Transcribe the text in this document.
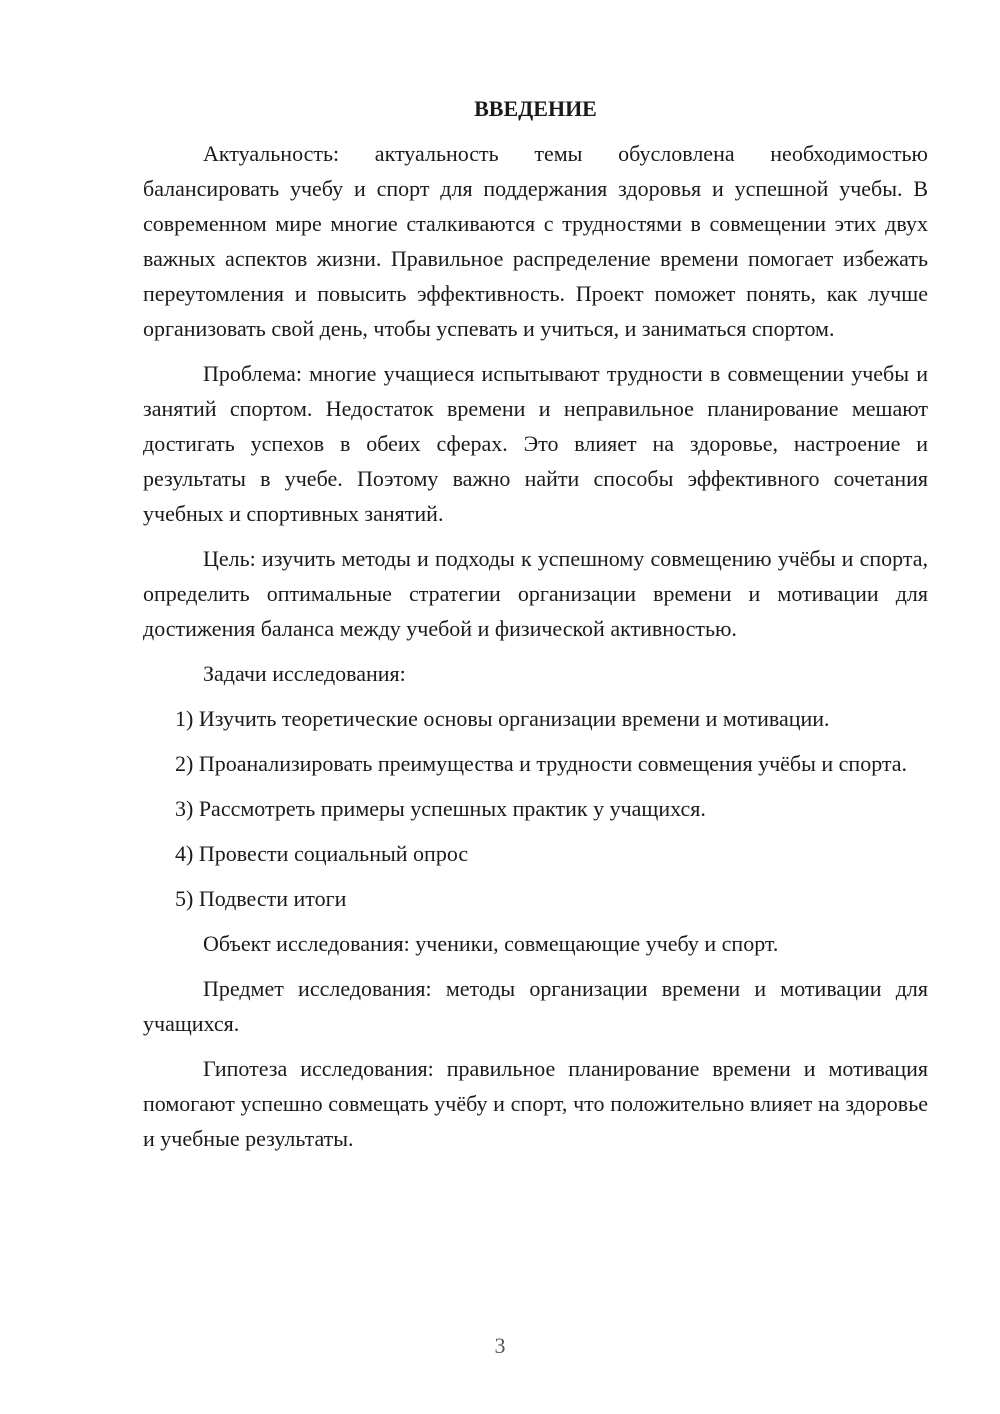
ВВЕДЕНИЕ

Актуальность: актуальность темы обусловлена необходимостью балансировать учебу и спорт для поддержания здоровья и успешной учебы. В современном мире многие сталкиваются с трудностями в совмещении этих двух важных аспектов жизни. Правильное распределение времени помогает избежать переутомления и повысить эффективность. Проект поможет понять, как лучше организовать свой день, чтобы успевать и учиться, и заниматься спортом.

Проблема: многие учащиеся испытывают трудности в совмещении учебы и занятий спортом. Недостаток времени и неправильное планирование мешают достигать успехов в обеих сферах. Это влияет на здоровье, настроение и результаты в учебе. Поэтому важно найти способы эффективного сочетания учебных и спортивных занятий.

Цель: изучить методы и подходы к успешному совмещению учёбы и спорта, определить оптимальные стратегии организации времени и мотивации для достижения баланса между учебой и физической активностью.

Задачи исследования:

1) Изучить теоретические основы организации времени и мотивации.

2) Проанализировать преимущества и трудности совмещения учёбы и спорта.

3) Рассмотреть примеры успешных практик у учащихся.

4) Провести социальный опрос

5) Подвести итоги

Объект исследования: ученики, совмещающие учебу и спорт.

Предмет исследования: методы организации времени и мотивации для учащихся.

Гипотеза исследования: правильное планирование времени и мотивация помогают успешно совмещать учёбу и спорт, что положительно влияет на здоровье и учебные результаты.

3
